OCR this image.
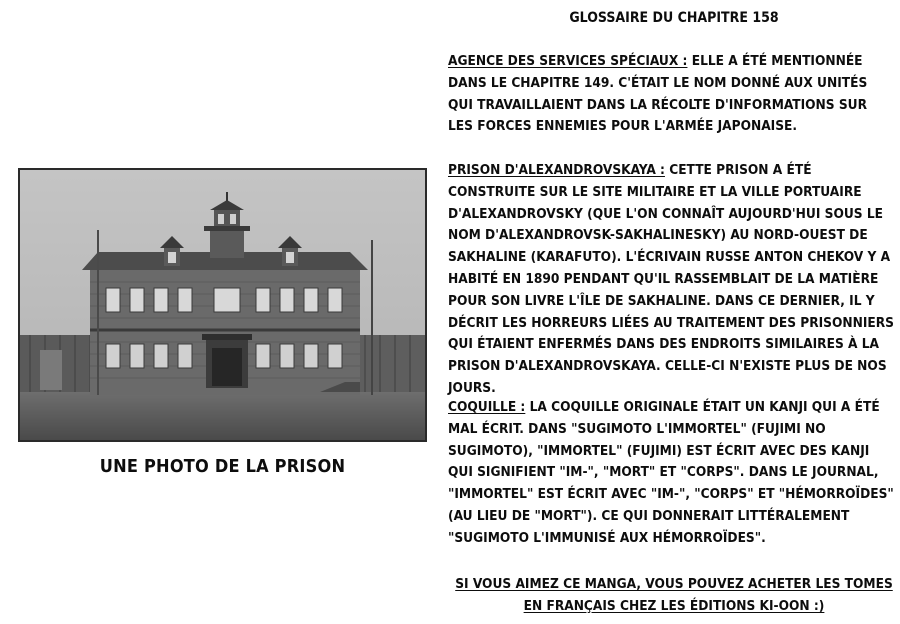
UNE PHOTO DE LA PRISON
GLOSSAIRE DU CHAPITRE 158
AGENCE DES SERVICES SPÉCIAUX : ELLE A ÉTÉ MENTIONNÉE DANS LE CHAPITRE 149. C'ÉTAIT LE NOM DONNÉ AUX UNITÉS QUI TRAVAILLAIENT DANS LA RÉCOLTE D'INFORMATIONS SUR LES FORCES ENNEMIES POUR L'ARMÉE JAPONAISE.
PRISON D'ALEXANDROVSKAYA : CETTE PRISON A ÉTÉ CONSTRUITE SUR LE SITE MILITAIRE ET LA VILLE PORTUAIRE D'ALEXANDROVSKY (QUE L'ON CONNAÎT AUJOURD'HUI SOUS LE NOM D'ALEXANDROVSK-SAKHALINESKY) AU NORD-OUEST DE SAKHALINE (KARAFUTO). L'ÉCRIVAIN RUSSE ANTON CHEKOV Y A HABITÉ EN 1890 PENDANT QU'IL RASSEMBLAIT DE LA MATIÈRE POUR SON LIVRE L'ÎLE DE SAKHALINE. DANS CE DERNIER, IL Y DÉCRIT LES HORREURS LIÉES AU TRAITEMENT DES PRISONNIERS QUI ÉTAIENT ENFERMÉS DANS DES ENDROITS SIMILAIRES À LA PRISON D'ALEXANDROVSKAYA. CELLE-CI N'EXISTE PLUS DE NOS JOURS.
COQUILLE : LA COQUILLE ORIGINALE ÉTAIT UN KANJI QUI A ÉTÉ MAL ÉCRIT. DANS "SUGIMOTO L'IMMORTEL" (FUJIMI NO SUGIMOTO), "IMMORTEL" (FUJIMI) EST ÉCRIT AVEC DES KANJI QUI SIGNIFIENT "IM-", "MORT" ET "CORPS". DANS LE JOURNAL, "IMMORTEL" EST ÉCRIT AVEC "IM-", "CORPS" ET "HÉMORROÏDES" (AU LIEU DE "MORT"). CE QUI DONNERAIT LITTÉRALEMENT "SUGIMOTO L'IMMUNISÉ AUX HÉMORROÏDES".
SI VOUS AIMEZ CE MANGA, VOUS POUVEZ ACHETER LES TOMES EN FRANÇAIS CHEZ LES ÉDITIONS KI-OON :)
